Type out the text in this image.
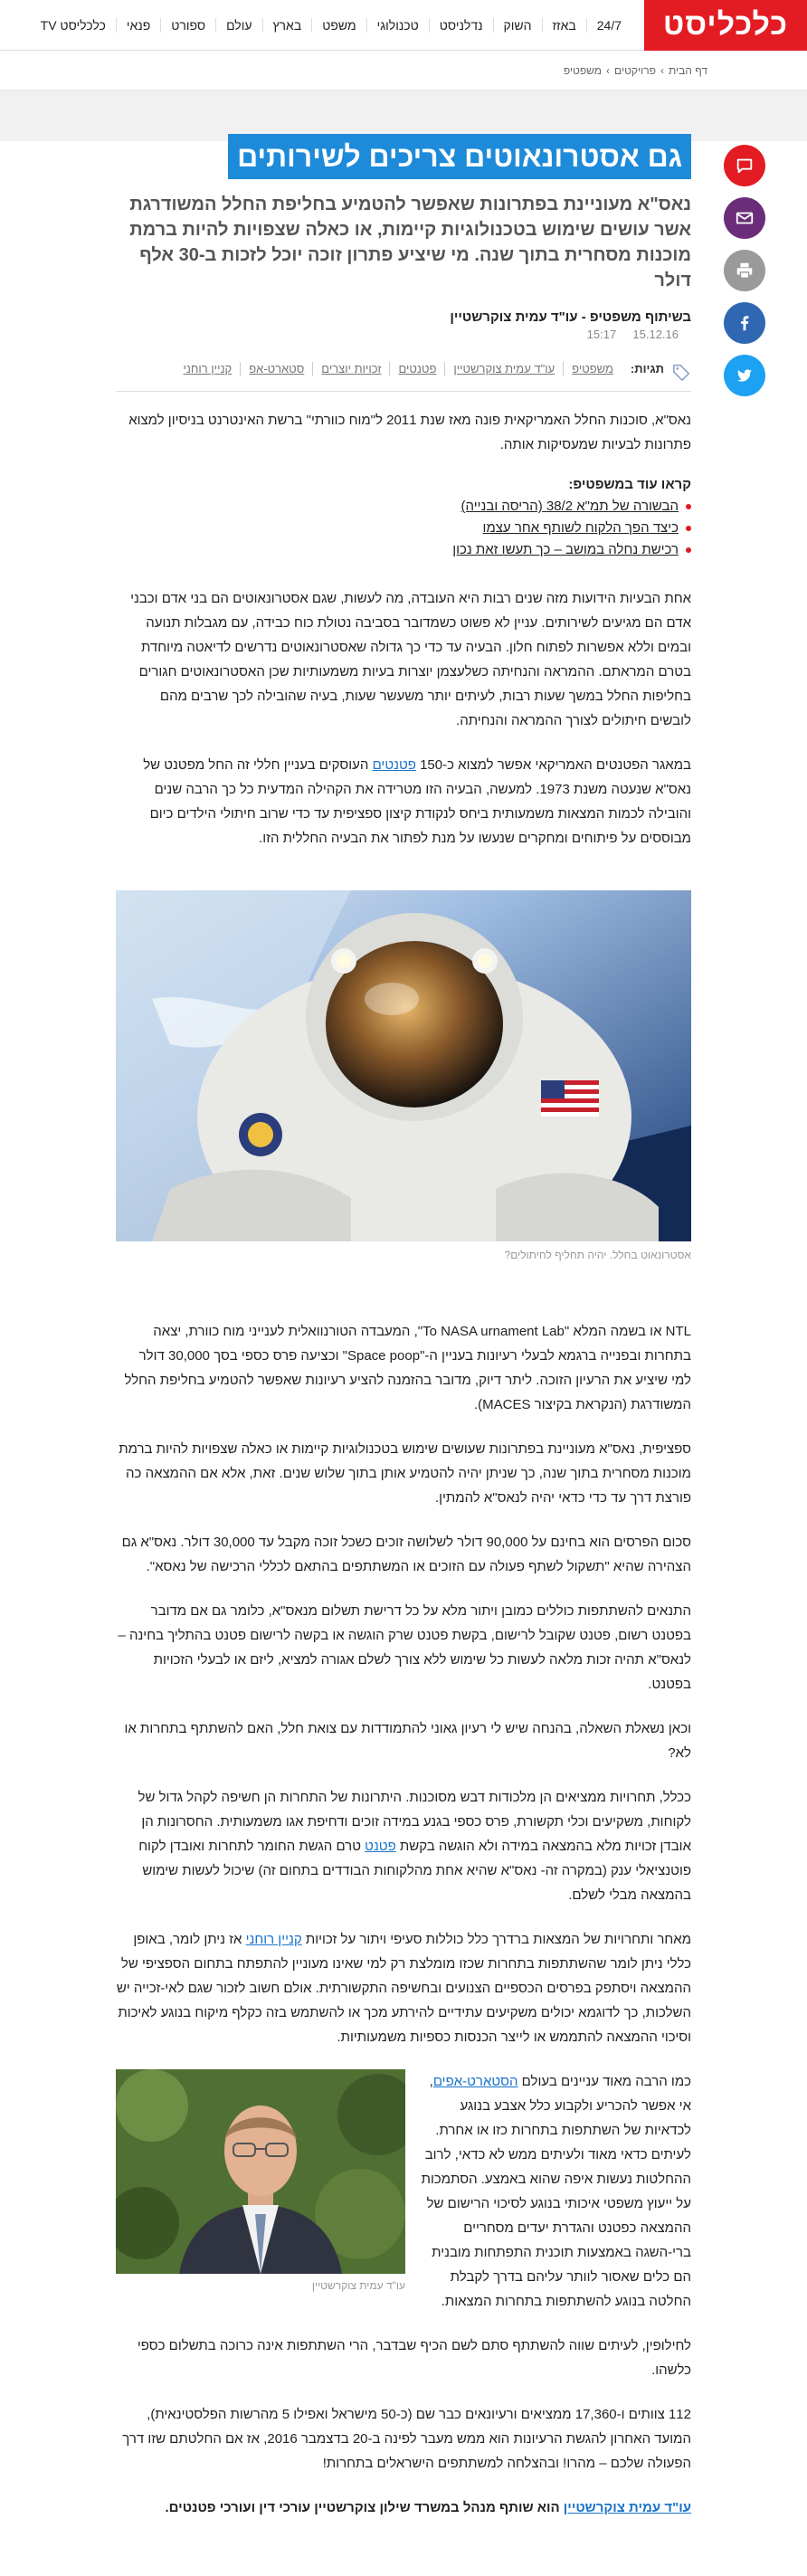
כלכליסט
24/7
באזז
השוק
נדלניסט
טכנולוגי
משפט
בארץ
עולם
ספורט
פנאי
כלכליסט TV
דף הבית
›
פרויקטים
›
משפטיפ
גם אסטרונאוטים צריכים לשירותים

נאס"א מעוניינת בפתרונות שאפשר להטמיע בחליפת החלל המשודרגת אשר עושים שימוש בטכנולוגיות קיימות, או כאלה שצפויות להיות ברמת מוכנות מסחרית בתוך שנה. מי שיציע פתרון זוכה יוכל לזכות ב-30 אלף דולר

בשיתוף משפטיפ - עו"ד עמית צוקרשטיין
15.12.16 15:17
תגיות:
משפטיפ
עו"ד עמית צוקרשטיין
פטנטים
זכויות יוצרים
סטארט-אפ
קניין רוחני

נאס"א, סוכנות החלל האמריקאית פונה מאז שנת 2011 ל"מוח כוורתי" ברשת האינטרנט בניסיון למצוא פתרונות לבעיות שמעסיקות אותה.

קראו עוד במשפטיפ:
הבשורה של תמ"א 38/2 (הריסה ובנייה)
כיצד הפך הלקוח לשותף אחר עצמו
רכישת נחלה במושב – כך תעשו זאת נכון

אחת הבעיות הידועות מזה שנים רבות היא העובדה, מה לעשות, שגם אסטרונאוטים הם בני אדם וכבני אדם הם מגיעים לשירותים. עניין לא פשוט כשמדובר בסביבה נטולת כוח כבידה, עם מגבלות תנועה ובמים וללא אפשרות לפתוח חלון. הבעיה עד כדי כך גדולה שאסטרונאוטים נדרשים לדיאטה מיוחדת בטרם המראתם. ההמראה והנחיתה כשלעצמן יוצרות בעיות משמעותיות שכן האסטרונאוטים חגורים בחליפות החלל במשך שעות רבות, לעיתים יותר משעשר שעות, בעיה שהובילה לכך שרבים מהם לובשים חיתולים לצורך ההמראה והנחיתה.

במאגר הפטנטים האמריקאי אפשר למצוא כ-150 פטנטים העוסקים בעניין חללי זה החל מפטנט של נאס"א שנעטה משנת 1973. למעשה, הבעיה הזו מטרידה את הקהילה המדעית כל כך הרבה שנים והובילה לכמות המצאות משמעותית ביחס לנקודת קיצון ספציפית עד כדי שרוב חיתולי הילדים כיום מבוססים על פיתוחים ומחקרים שנעשו על מנת לפתור את הבעיה החללית הזו.

אסטרונאוט בחלל. יהיה תחליף לחיתולים?

NTL או בשמה המלא "To NASA urnament Lab", המעבדה הטורנוואלית לענייני מוח כוורת, יצאה בתחרות ובפנייה ברגמא לבעלי רעיונות בעניין ה-"Space poop" וכציעה פרס כספי בסך 30,000 דולר למי שיציע את הרעיון הזוכה. ליתר דיוק, מדובר בהזמנה להציע רעיונות שאפשר להטמיע בחליפת החלל המשודרגת (הנקראת בקיצור MACES).

ספציפית, נאס"א מעוניינת בפתרונות שעושים שימוש בטכנולוגיות קיימות או כאלה שצפויות להיות ברמת מוכנות מסחרית בתוך שנה, כך שניתן יהיה להטמיע אותן בתוך שלוש שנים. זאת, אלא אם ההמצאה כה פורצת דרך עד כדי כדאי יהיה לנאס"א להמתין.

סכום הפרסים הוא בחינם על 90,000 דולר לשלושה זוכים כשכל זוכה מקבל עד 30,000 דולר. נאס"א גם הצהירה שהיא "תשקול לשתף פעולה עם הזוכים או המשתתפים בהתאם לכללי הרכישה של נאסא".

התנאים להשתתפות כוללים כמובן ויתור מלא על כל דרישת תשלום מנאס"א, כלומר גם אם מדובר בפטנט רשום, פטנט שקובל לרישום, בקשת פטנט שרק הוגשה או בקשה לרישום פטנט בהתליך בחינה – לנאס"א תהיה זכות מלאה לעשות כל שימוש ללא צורך לשלם אגורה למציא, ליזם או לבעלי הזכויות בפטנט.

וכאן נשאלת השאלה, בהנחה שיש לי רעיון גאוני להתמודדות עם צואת חלל, האם להשתתף בתחרות או לא?

ככלל, תחרויות ממציאים הן מלכודות דבש מסוכנות. היתרונות של התחרות הן חשיפה לקהל גדול של לקוחות, משקיעים וכלי תקשורת, פרס כספי בגנע במידה זוכים ודחיפת אגו משמעותית. החסרונות הן אובדן זכויות מלא בהמצאה במידה ולא הוגשה בקשת פטנט טרם הגשת החומר לתחרות ואובדן לקוח פוטנציאלי ענק (במקרה זה- נאס"א שהיא אחת מהלקוחות הבודדים בתחום זה) שיכול לעשות שימוש בהמצאה מבלי לשלם.

מאחר ותחרויות של המצאות ברדרך כלל כוללות סעיפי ויתור על זכויות קניין רוחני אז ניתן לומר, באופן כללי ניתן לומר שהשתתפות בתחרות שכזו מומלצת רק למי שאינו מעוניין להתפתח בתחום הספציפי של ההמצאה ויסתפק בפרסים הכספיים הצנועים ובחשיפה התקשורתית. אולם חשוב לזכור שגם לאי-זכייה יש השלכות, כך לדוגמא יכולים משקיעים עתידיים להירתע מכך או להשתמש בזה כקלף מיקוח בנוגע לאיכות וסיכוי ההמצאה להתממש או לייצר הכנסות כספיות משמעותיות.

כמו הרבה מאוד עניינים בעולם הסטארט-אפים, אי אפשר להכריע ולקבוע כלל אצבע בנוגע לכדאיות של השתתפות בתחרות כזו או אחרת. לעיתים כדאי מאוד ולעיתים ממש לא כדאי, לרוב ההחלטות נעשות איפה שהוא באמצע. הסתמכות על ייעוץ משפטי איכותי בנוגע לסיכוי הרישום של ההמצאה כפטנט והגדרת יעדים מסחריים ברי-השגה באמצעות תוכנית התפתחות מובנית הם כלים שאסור לוותר עליהם בדרך לקבלת החלטה בנוגע להשתתפות בתחרות המצאות.
עו"ד עמית צוקרשטיין

לחילופין, לעיתים שווה להשתתף סתם לשם הכיף שבדבר, הרי השתתפות אינה כרוכה בתשלום כספי כלשהו.

112 צוותים ו-17,360 ממציאים ורעיונאים כבר שם (כ-50 מישראל ואפילו 5 מהרשות הפלסטינאית), המועד האחרון להגשת הרעיונות הוא ממש מעבר לפינה ב-20 בדצמבר 2016, אז אם החלטתם שזו דרך הפעולה שלכם – מהרו! ובהצלחה למשתתפים הישראלים בתחרות!

עו"ד עמית צוקרשטיין הוא שותף מנהל במשרד שילון צוקרשטיין עורכי דין ועורכי פטנטים.
